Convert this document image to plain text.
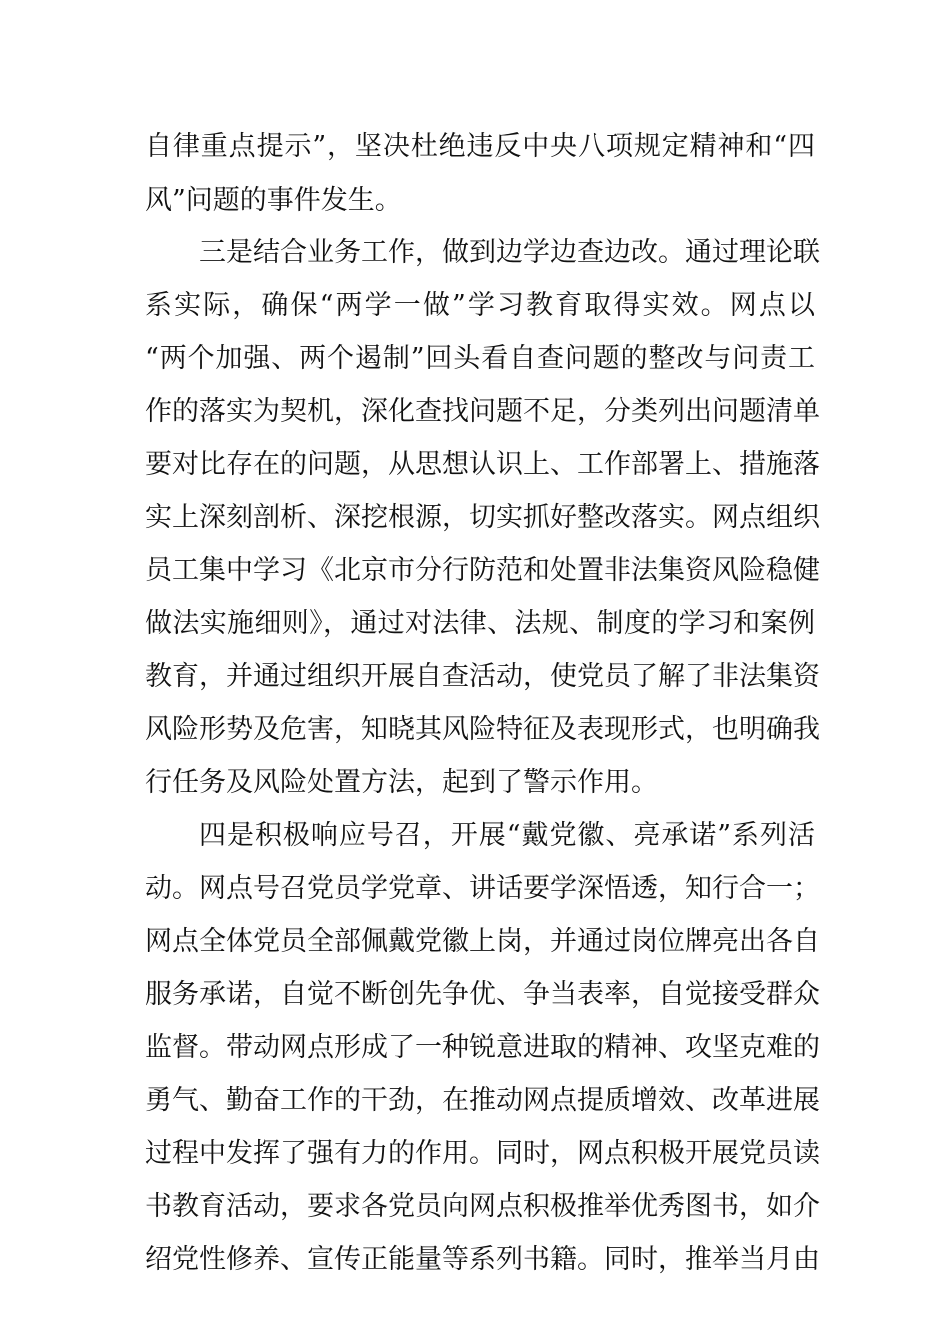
自律重点提示”，坚决杜绝违反中央八项规定精神和“四
风”问题的事件发生。
三是结合业务工作，做到边学边查边改。通过理论联
系实际，确保“两学一做”学习教育取得实效。网点以
“两个加强、两个遏制”回头看自查问题的整改与问责工
作的落实为契机，深化查找问题不足，分类列出问题清单
要对比存在的问题，从思想认识上、工作部署上、措施落
实上深刻剖析、深挖根源，切实抓好整改落实。网点组织
员工集中学习《北京市分行防范和处置非法集资风险稳健
做法实施细则》，通过对法律、法规、制度的学习和案例
教育，并通过组织开展自查活动，使党员了解了非法集资
风险形势及危害，知晓其风险特征及表现形式，也明确我
行任务及风险处置方法，起到了警示作用。
四是积极响应号召，开展“戴党徽、亮承诺”系列活
动。网点号召党员学党章、讲话要学深悟透，知行合一；
网点全体党员全部佩戴党徽上岗，并通过岗位牌亮出各自
服务承诺，自觉不断创先争优、争当表率，自觉接受群众
监督。带动网点形成了一种锐意进取的精神、攻坚克难的
勇气、勤奋工作的干劲，在推动网点提质增效、改革进展
过程中发挥了强有力的作用。同时，网点积极开展党员读
书教育活动，要求各党员向网点积极推举优秀图书，如介
绍党性修养、宣传正能量等系列书籍。同时，推举当月由
